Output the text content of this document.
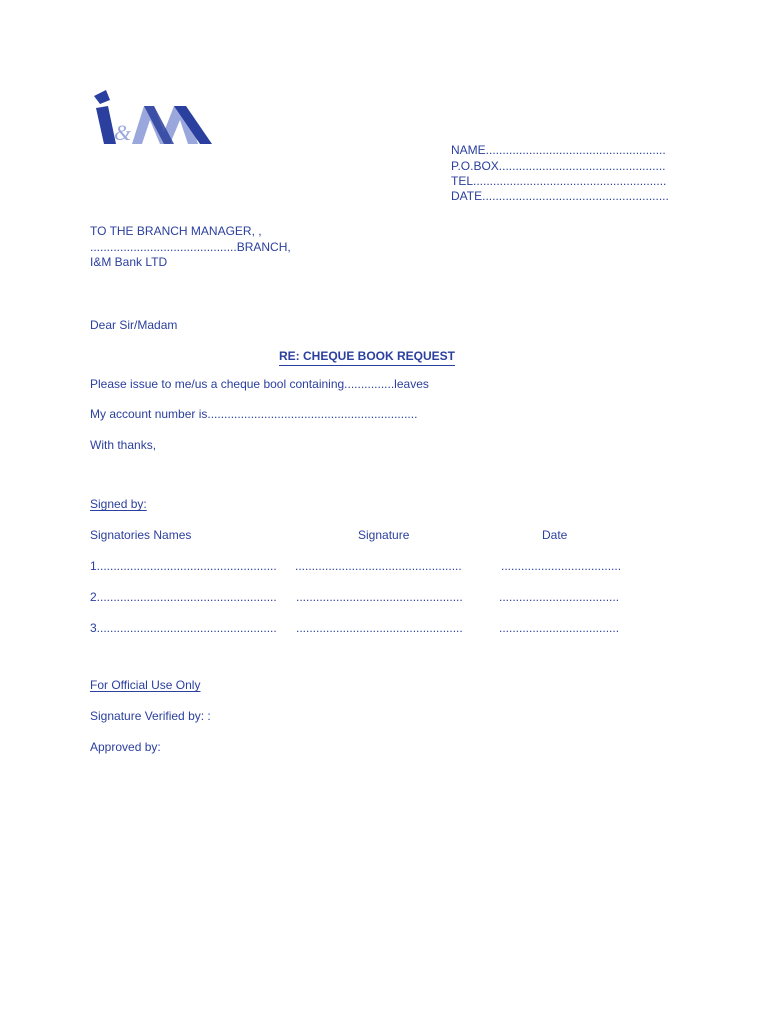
&
NAME......................................................
P.O.BOX..................................................
TEL..........................................................
DATE........................................................
TO THE BRANCH MANAGER, ,
............................................BRANCH,
I&M Bank LTD
Dear Sir/Madam
RE: CHEQUE BOOK REQUEST
Please issue to me/us a cheque bool containing...............leaves
My account number is...............................................................
With thanks,
Signed by:
Signatories Names	Signature	Date
1...................................................... ..................................................	....................................
2...................................................... ..................................................	....................................
3...................................................... ..................................................	....................................
For Official Use Only
Signature Verified by: :
Approved by:
